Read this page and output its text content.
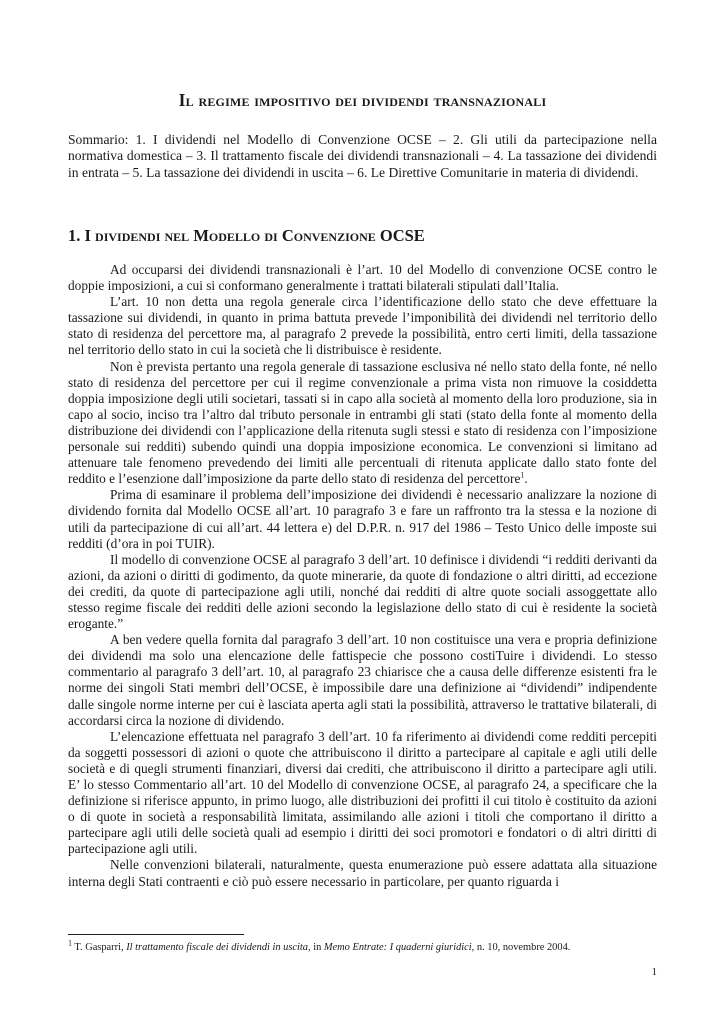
Il regime impositivo dei dividendi transnazionali

Sommario: 1. I dividendi nel Modello di Convenzione OCSE – 2. Gli utili da partecipazione nella normativa domestica – 3. Il trattamento fiscale dei dividendi transnazionali – 4. La tassazione dei dividendi in entrata – 5. La tassazione dei dividendi in uscita – 6. Le Direttive Comunitarie in materia di dividendi.

1. I dividendi nel Modello di Convenzione OCSE

Ad occuparsi dei dividendi transnazionali è l’art. 10 del Modello di convenzione OCSE contro le doppie imposizioni, a cui si conformano generalmente i trattati bilaterali stipulati dall’Italia.

L’art. 10 non detta una regola generale circa l’identificazione dello stato che deve effettuare la tassazione sui dividendi, in quanto in prima battuta prevede l’imponibilità dei dividendi nel territorio dello stato di residenza del percettore ma, al paragrafo 2 prevede la possibilità, entro certi limiti, della tassazione nel territorio dello stato in cui la società che li distribuisce è residente.

Non è prevista pertanto una regola generale di tassazione esclusiva né nello stato della fonte, né nello stato di residenza del percettore per cui il regime convenzionale a prima vista non rimuove la cosiddetta doppia imposizione degli utili societari, tassati si in capo alla società al momento della loro produzione, sia in capo al socio, inciso tra l’altro dal tributo personale in entrambi gli stati (stato della fonte al momento della distribuzione dei dividendi con l’applicazione della ritenuta sugli stessi e stato di residenza con l’imposizione personale sui redditi) subendo quindi una doppia imposizione economica. Le convenzioni si limitano ad attenuare tale fenomeno prevedendo dei limiti alle percentuali di ritenuta applicate dallo stato fonte del reddito e l’esenzione dall’imposizione da parte dello stato di residenza del percettore$^1$.

Prima di esaminare il problema dell’imposizione dei dividendi è necessario analizzare la nozione di dividendo fornita dal Modello OCSE all’art. 10 paragrafo 3 e fare un raffronto tra la stessa e la nozione di utili da partecipazione di cui all’art. 44 lettera e) del D.P.R. n. 917 del 1986 – Testo Unico delle imposte sui redditi (d’ora in poi TUIR).

Il modello di convenzione OCSE al paragrafo 3 dell’art. 10 definisce i dividendi “i redditi derivanti da azioni, da azioni o diritti di godimento, da quote minerarie, da quote di fondazione o altri diritti, ad eccezione dei crediti, da quote di partecipazione agli utili, nonché dai redditi di altre quote sociali assoggettate allo stesso regime fiscale dei redditi delle azioni secondo la legislazione dello stato di cui è residente la società erogante.”

A ben vedere quella fornita dal paragrafo 3 dell’art. 10 non costituisce una vera e propria definizione dei dividendi ma solo una elencazione delle fattispecie che possono costiTuire i dividendi. Lo stesso commentario al paragrafo 3 dell’art. 10, al paragrafo 23 chiarisce che a causa delle differenze esistenti fra le norme dei singoli Stati membri dell’OCSE, è impossibile dare una definizione ai “dividendi” indipendente dalle singole norme interne per cui è lasciata aperta agli stati la possibilità, attraverso le trattative bilaterali, di accordarsi circa la nozione di dividendo.

L’elencazione effettuata nel paragrafo 3 dell’art. 10 fa riferimento ai dividendi come redditi percepiti da soggetti possessori di azioni o quote che attribuiscono il diritto a partecipare al capitale e agli utili delle società e di quegli strumenti finanziari, diversi dai crediti, che attribuiscono il diritto a partecipare agli utili. E’ lo stesso Commentario all’art. 10 del Modello di convenzione OCSE, al paragrafo 24, a specificare che la definizione si riferisce appunto, in primo luogo, alle distribuzioni dei profitti il cui titolo è costituito da azioni o di quote in società a responsabilità limitata, assimilando alle azioni i titoli che comportano il diritto a partecipare agli utili delle società quali ad esempio i diritti dei soci promotori e fondatori o di altri diritti di partecipazione agli utili.

Nelle convenzioni bilaterali, naturalmente, questa enumerazione può essere adattata alla situazione interna degli Stati contraenti e ciò può essere necessario in particolare, per quanto riguarda i

$^1$ T. Gasparri, Il trattamento fiscale dei dividendi in uscita, in Memo Entrate: I quaderni giuridici, n. 10, novembre 2004.

1
